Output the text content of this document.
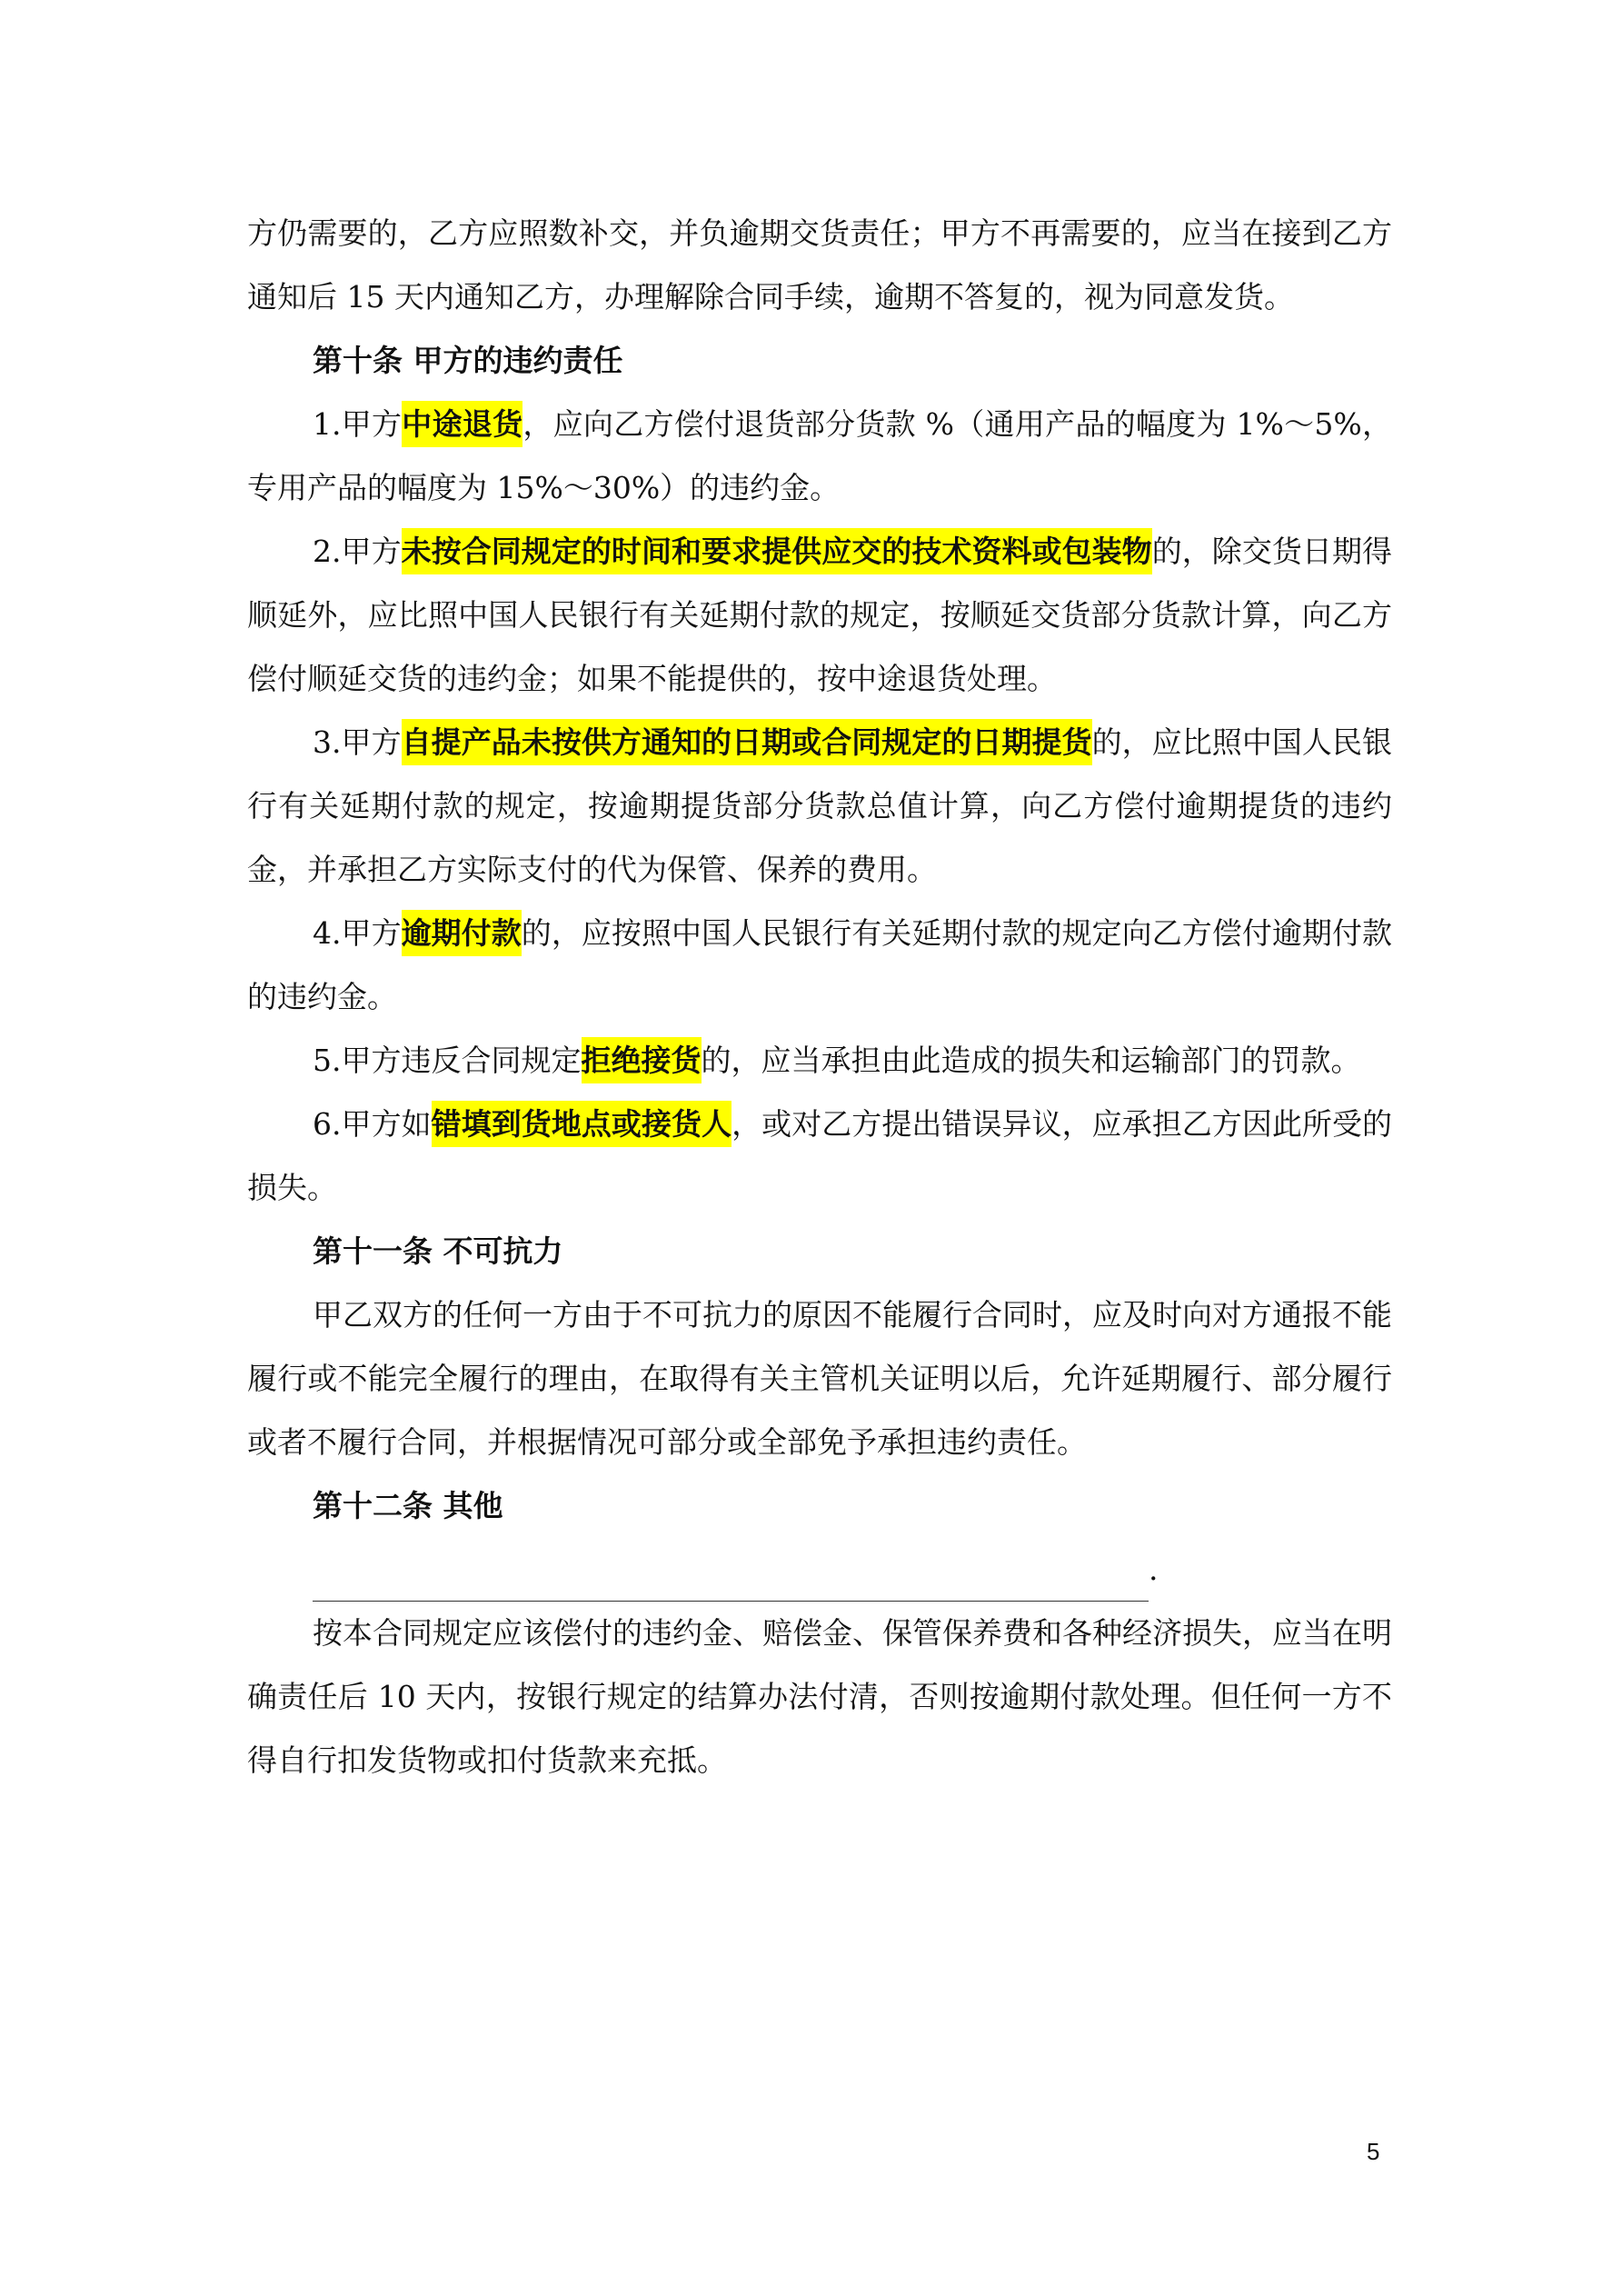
方仍需要的，乙方应照数补交，并负逾期交货责任；甲方不再需要的，应当在接到乙方通知后 15 天内通知乙方，办理解除合同手续，逾期不答复的，视为同意发货。

第十条 甲方的违约责任

1.甲方中途退货，应向乙方偿付退货部分货款 %（通用产品的幅度为 1%～5%，专用产品的幅度为 15%～30%）的违约金。

2.甲方未按合同规定的时间和要求提供应交的技术资料或包装物的，除交货日期得顺延外，应比照中国人民银行有关延期付款的规定，按顺延交货部分货款计算，向乙方偿付顺延交货的违约金；如果不能提供的，按中途退货处理。

3.甲方自提产品未按供方通知的日期或合同规定的日期提货的，应比照中国人民银行有关延期付款的规定，按逾期提货部分货款总值计算，向乙方偿付逾期提货的违约金，并承担乙方实际支付的代为保管、保养的费用。

4.甲方逾期付款的，应按照中国人民银行有关延期付款的规定向乙方偿付逾期付款的违约金。

5.甲方违反合同规定拒绝接货的，应当承担由此造成的损失和运输部门的罚款。

6.甲方如错填到货地点或接货人，或对乙方提出错误异议，应承担乙方因此所受的损失。

第十一条 不可抗力

甲乙双方的任何一方由于不可抗力的原因不能履行合同时，应及时向对方通报不能履行或不能完全履行的理由，在取得有关主管机关证明以后，允许延期履行、部分履行或者不履行合同，并根据情况可部分或全部免予承担违约责任。

第十二条 其他

.

按本合同规定应该偿付的违约金、赔偿金、保管保养费和各种经济损失，应当在明确责任后 10 天内，按银行规定的结算办法付清，否则按逾期付款处理。但任何一方不得自行扣发货物或扣付货款来充抵。

5
